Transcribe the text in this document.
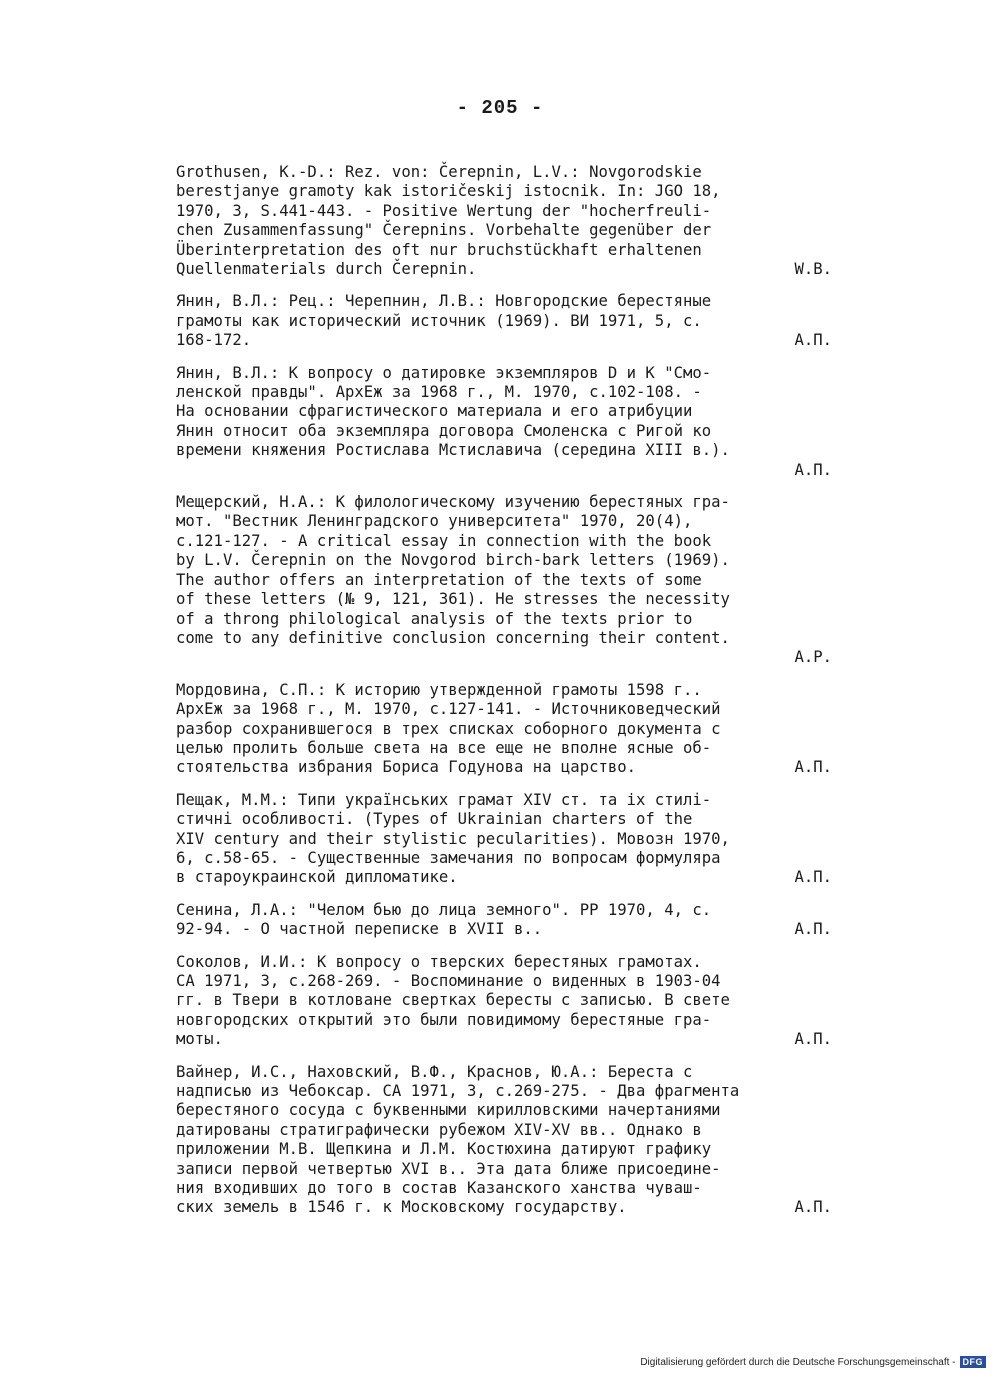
- 205 -
Grothusen, K.-D.: Rez. von: Čerepnin, L.V.: Novgorodskie
berestjanye gramoty kak istoričeskij istocnik. In: JGO 18,
1970, 3, S.441-443. - Positive Wertung der "hocherfreuli-
chen Zusammenfassung" Čerepnins. Vorbehalte gegenüber der
Überinterpretation des oft nur bruchstückhaft erhaltenen
Quellenmaterials durch Čerepnin.	W.B.
Янин, В.Л.: Рец.: Черепнин, Л.В.: Новгородские берестяные
грамоты как исторический источник (1969). ВИ 1971, 5, с.
168-172.	А.П.
Янин, В.Л.: К вопросу о датировке экземпляров D и К "Смо-
ленской правды". АрхЕж за 1968 г., М. 1970, с.102-108. -
На основании сфрагистического материала и его атрибуции
Янин относит оба экземпляра договора Смоленска с Ригой ко
времени княжения Ростислава Мстиславича (середина XIII в.).
А.П.
Мещерский, Н.А.: К филологическому изучению берестяных гра-
мот. "Вестник Ленинградского университета" 1970, 20(4),
с.121-127. - A critical essay in connection with the book
by L.V. Čerepnin on the Novgorod birch-bark letters (1969).
The author offers an interpretation of the texts of some
of these letters (№ 9, 121, 361). He stresses the necessity
of a throng philological analysis of the texts prior to
come to any definitive conclusion concerning their content.
A.P.
Мордовина, С.П.: К историю утвержденной грамоты 1598 г..
АрхЕж за 1968 г., М. 1970, с.127-141. - Источниковедческий
разбор сохранившегося в трех списках соборного документа с
целью пролить больше света на все еще не вполне ясные об-
стоятельства избрания Бориса Годунова на царство.	А.П.
Пещак, М.М.: Типи українських грамат XIV ст. та ix стилі-
стичні особливості. (Types of Ukrainian charters of the
XIV century and their stylistic pecularities). Мовозн 1970,
6, с.58-65. - Существенные замечания по вопросам формуляра
в староукраинской дипломатике.	А.П.
Сенина, Л.А.: "Челом бью до лица земного". РР 1970, 4, с.
92-94. - О частной переписке в XVII в..	А.П.
Соколов, И.И.: К вопросу о тверских берестяных грамотах.
СА 1971, 3, с.268-269. - Воспоминание о виденных в 1903-04
гг. в Твери в котловане свертках бересты с записью. В свете
новгородских открытий это были повидимому берестяные гра-
моты.	А.П.
Вайнер, И.С., Наховский, В.Ф., Краснов, Ю.А.: Береста с
надписью из Чебоксар. СА 1971, 3, с.269-275. - Два фрагмента
берестяного сосуда с буквенными кирилловскими начертаниями
датированы стратиграфически рубежом XIV-XV вв.. Однако в
приложении М.В. Щепкина и Л.М. Костюхина датируют графику
записи первой четвертью XVI в.. Эта дата ближе присоедине-
ния входивших до того в состав Казанского ханства чуваш-
ских земель в 1546 г. к Московскому государству.	А.П.
Digitalisierung gefördert durch die Deutsche Forschungsgemeinschaft - DFG
